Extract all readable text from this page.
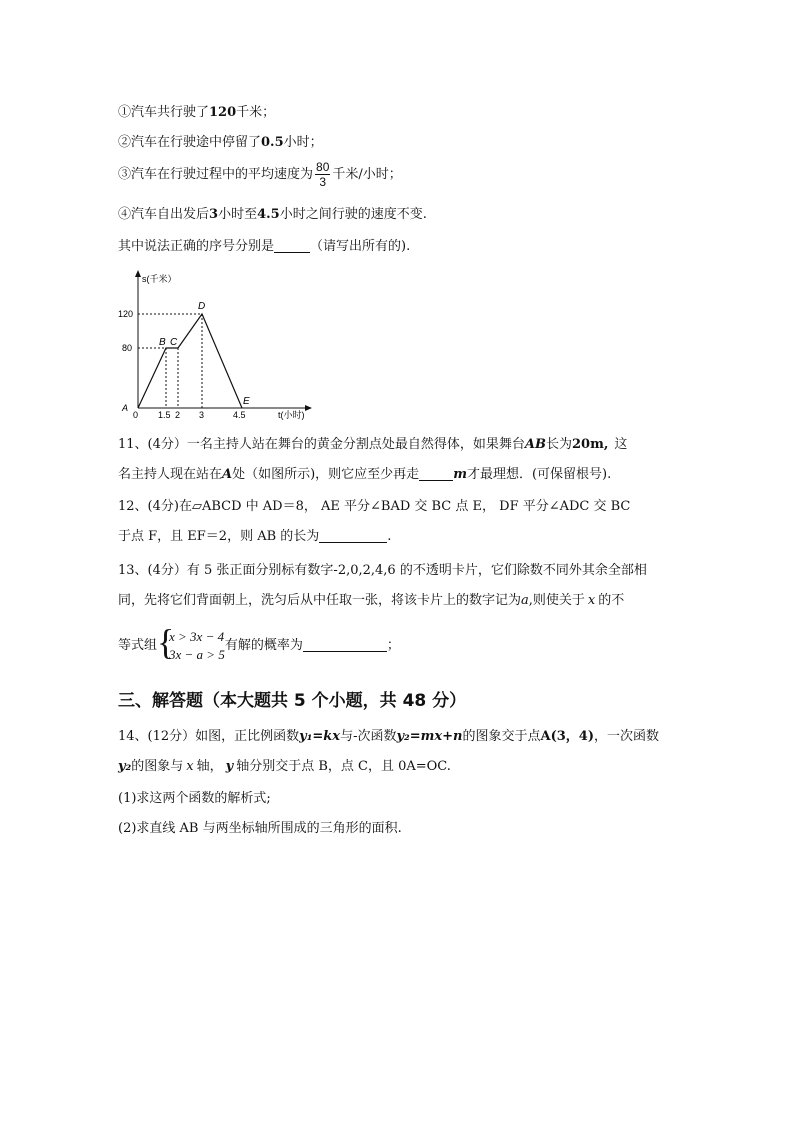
①汽车共行驶了120千米；
②汽车在行驶途中停留了0.5小时；
③汽车在行驶过程中的平均速度为 $\frac{80}{3}$ 千米/小时；
④汽车自出发后3小时至4.5小时之间行驶的速度不变.
其中说法正确的序号分别是	（请写出所有的).
s(千米）
t(小时)
120
80
0
A
1.5 2 3	4.5
B C
D
E
11、(4分）一名主持人站在舞台的黄金分割点处最自然得体，如果舞台AB长为20m, 这
名主持人现在站在A处（如图所示)，则它应至少再走	m才最理想．(可保留根号).
12、(4分)在▱ABCD 中 AD＝8， AE 平分∠BAD 交 BC 点 E， DF 平分∠ADC 交 BC
于点 F，且 EF＝2，则 AB 的长为	.
13、(4分）有 5 张正面分别标有数字-2,0,2,4,6 的不透明卡片，它们除数不同外其余全部相
同，先将它们背面朝上，洗匀后从中任取一张，将该卡片上的数字记为a,则使关于 x 的不
等式组 {
x > 3x − 4
3x − a > 5
有解的概率为	；
三、解答题（本大题共 5 个小题，共 48 分）
14、(12分）如图，正比例函数y₁=kx与-次函数y₂=mx+n的图象交于点A(3，4)，一次函数
y₂的图象与 x 轴， y 轴分别交于点 B，点 C，且 0A=OC.
(1)求这两个函数的解析式;
(2)求直线 AB 与两坐标轴所围成的三角形的面积.
